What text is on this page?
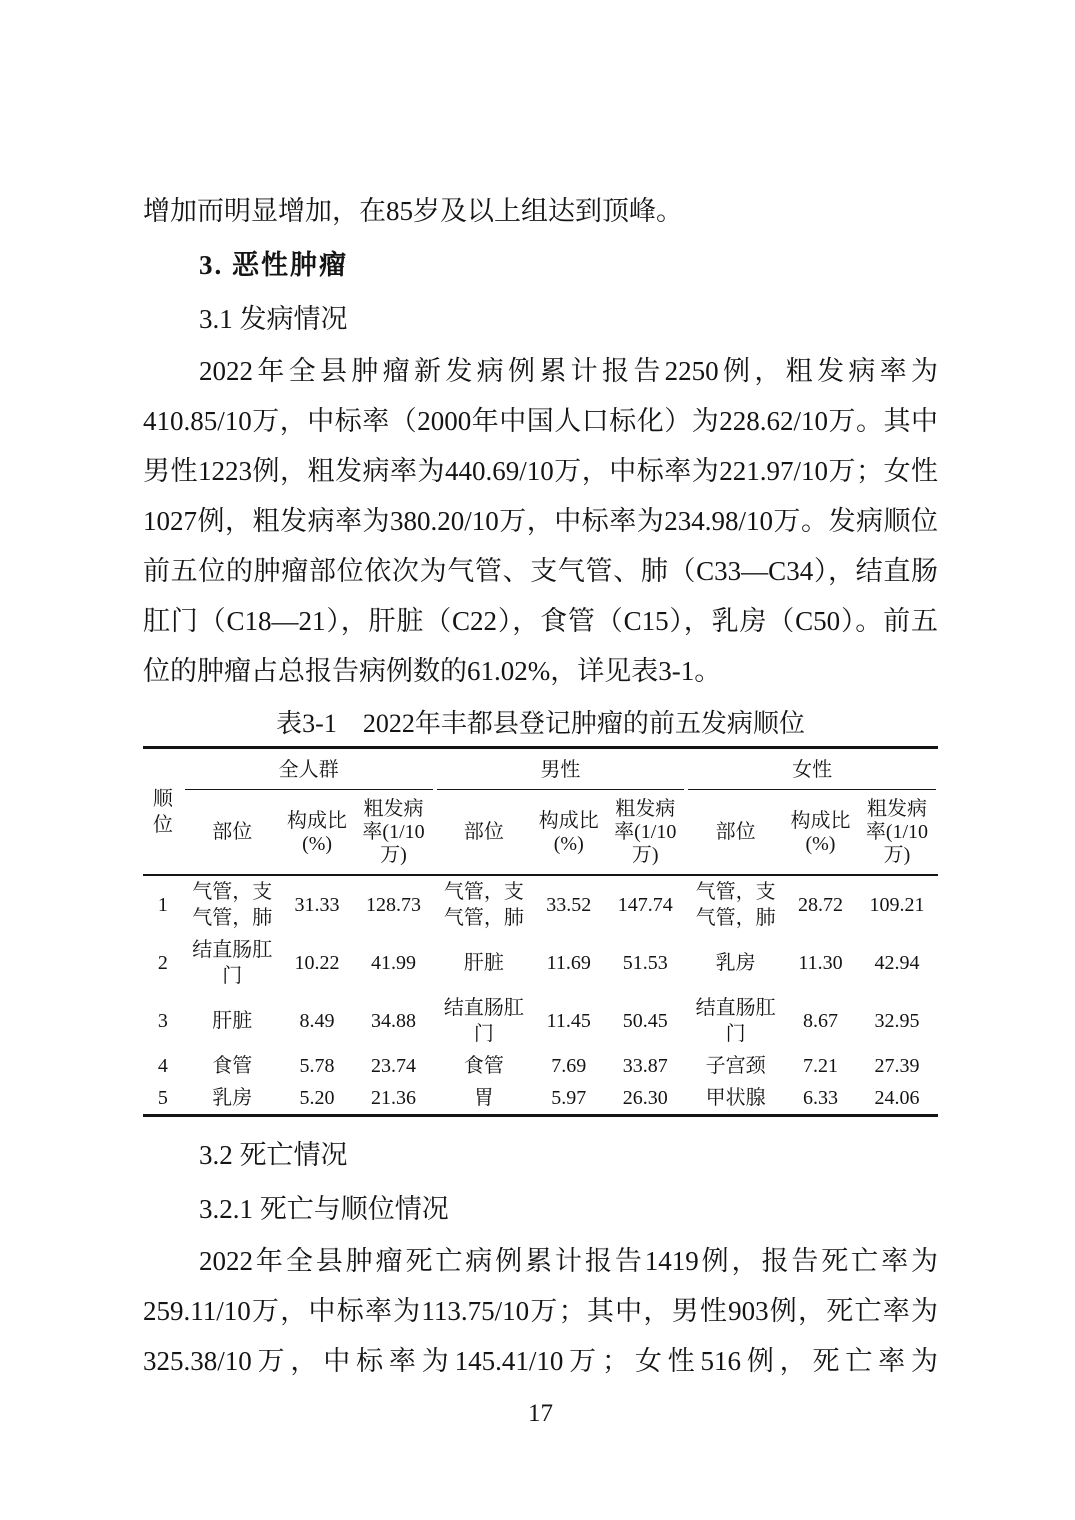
增加而明显增加，在85岁及以上组达到顶峰。

3. 恶性肿瘤
3.1 发病情况

2022年全县肿瘤新发病例累计报告2250例，粗发病率为410.85/10万，中标率（2000年中国人口标化）为228.62/10万。其中男性1223例，粗发病率为440.69/10万，中标率为221.97/10万；女性1027例，粗发病率为380.20/10万，中标率为234.98/10万。发病顺位前五位的肿瘤部位依次为气管、支气管、肺（C33—C34），结直肠肛门（C18—21），肝脏（C22），食管（C15），乳房（C50）。前五位的肿瘤占总报告病例数的61.02%，详见表3-1。

表3-1　2022年丰都县登记肿瘤的前五发病顺位
顺位	全人群			男性			女性		

	部位	构成比(%)	粗发病率(1/10万)	部位	构成比(%)	粗发病率(1/10万)	部位	构成比(%)	粗发病率(1/10万)
1	气管，支气管，肺	31.33	128.73	气管，支气管，肺	33.52	147.74	气管，支气管，肺	28.72	109.21
2	结直肠肛门	10.22	41.99	肝脏	11.69	51.53	乳房	11.30	42.94
3	肝脏	8.49	34.88	结直肠肛门	11.45	50.45	结直肠肛门	8.67	32.95
4	食管	5.78	23.74	食管	7.69	33.87	子宫颈	7.21	27.39
5	乳房	5.20	21.36	胃	5.97	26.30	甲状腺	6.33	24.06
3.2 死亡情况
3.2.1 死亡与顺位情况

2022年全县肿瘤死亡病例累计报告1419例，报告死亡率为259.11/10万，中标率为113.75/10万；其中，男性903例，死亡率为325.38/10万，中标率为145.41/10万；女性516例，死亡率为

17
